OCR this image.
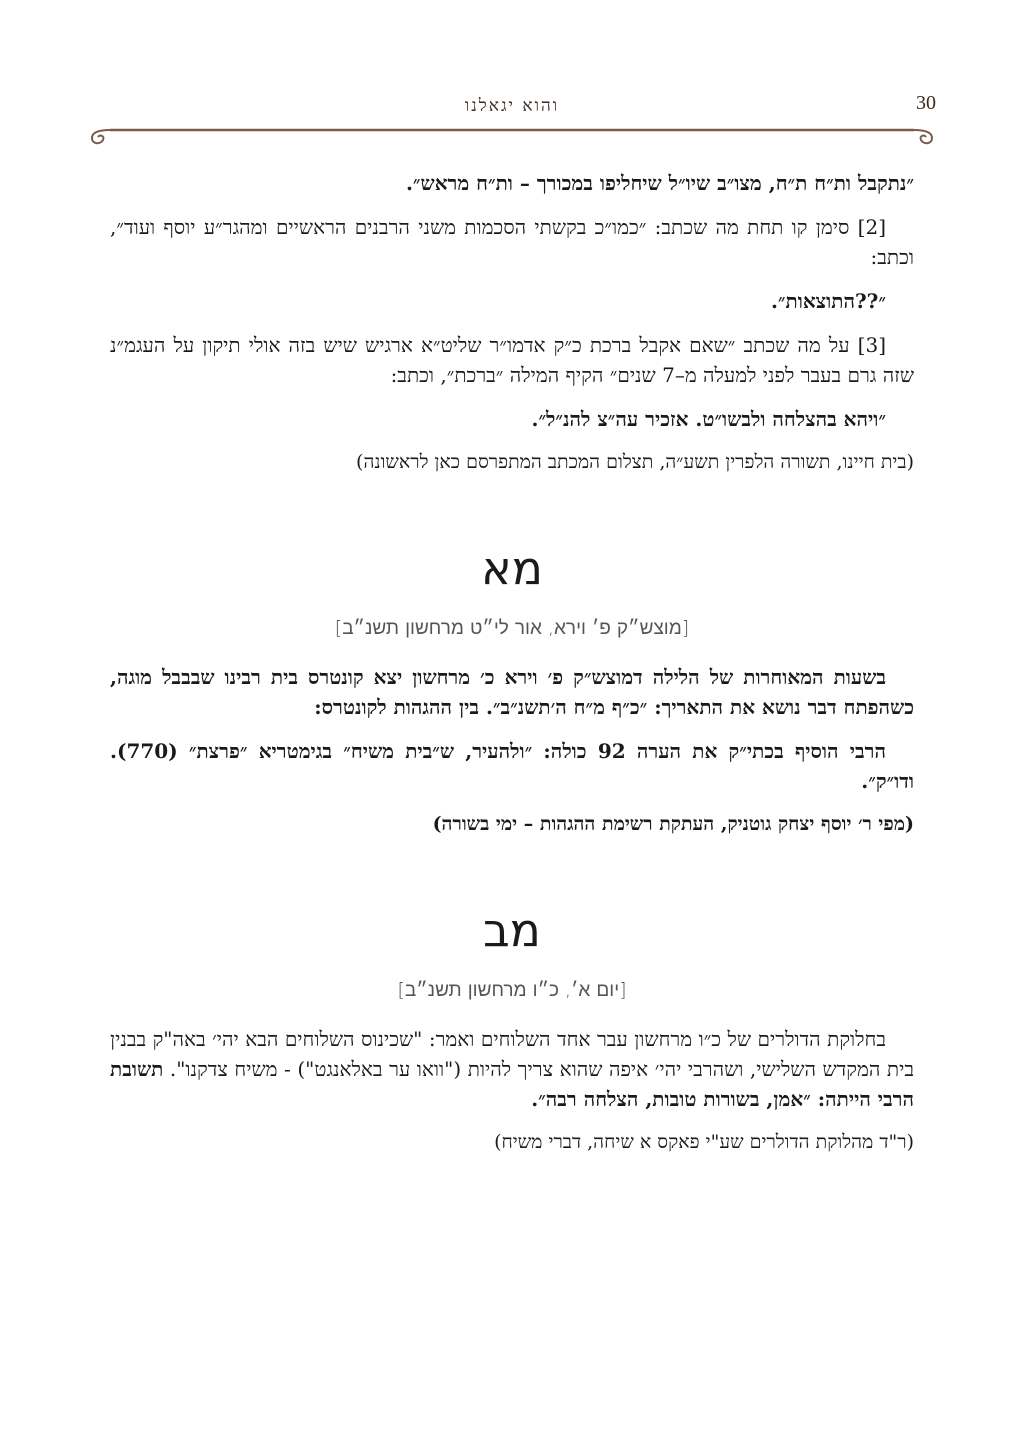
והוא יגאלנו	30

״נתקבל ות״ח ת״ח, מצו״ב שיו״ל שיחליפו במכורך – ות״ח מראש״.

[2] סימן קו תחת מה שכתב: ״כמו״כ בקשתי הסכמות משני הרבנים הראשיים ומהגר״ע יוסף ועוד״, וכתב:

״??התוצאות״.

[3] על מה שכתב ״שאם אקבל ברכת כ״ק אדמו״ר שליט״א ארגיש שיש בזה אולי תיקון על העגמ״נ שזה גרם בעבר לפני למעלה מ–7 שנים״ הקיף המילה ״ברכת״, וכתב:

״ויהא בהצלחה ולבשו״ט. אזכיר עה״צ להנ״ל״.

(בית חיינו, תשורה הלפרין תשע״ה, תצלום המכתב המתפרסם כאן לראשונה)

מא

[מוצש״ק פ׳ וירא, אור לי״ט מרחשון תשנ״ב]

בשעות המאוחרות של הלילה דמוצש״ק פ׳ וירא כ׳ מרחשון יצא קונטרס בית רבינו שבבבל מוגה, כשהפתח דבר נושא את התאריך: ״כ״ף מ״ח ה׳תשנ״ב״. בין ההגהות לקונטרס:

הרבי הוסיף בכתי״ק את הערה 92 כולה: ״ולהעיר, ש״בית משיח״ בגימטריא ״פרצת״ (770). ודו״ק״.

(מפי ר׳ יוסף יצחק גוטניק, העתקת רשימת ההגהות – ימי בשורה)

מב

[יום א׳, כ״ו מרחשון תשנ״ב]

בחלוקת הדולרים של כ״ו מרחשון עבר אחד השלוחים ואמר: "שכינוס השלוחים הבא יהי׳ באה"ק בבנין בית המקדש השלישי, ושהרבי יהי׳ איפה שהוא צריך להיות ("וואו ער באלאנגט") - משיח צדקנו". תשובת הרבי הייתה: ״אמן, בשורות טובות, הצלחה רבה״.

(ר"ד מהלוקת הדולרים שע"י פאקס א שיחה, דברי משיח)
